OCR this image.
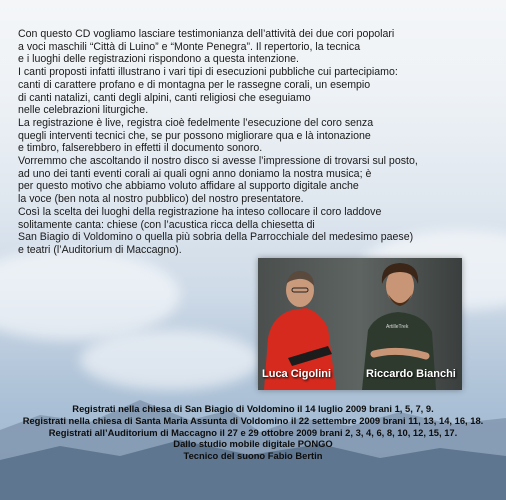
Con questo CD vogliamo lasciare testimonianza dell’attività dei due cori popolari
a voci maschili “Città di Luino” e “Monte Penegra”. Il repertorio, la tecnica
e i luoghi delle registrazioni rispondono a questa intenzione.
I canti proposti infatti illustrano i vari tipi di esecuzioni pubbliche cui partecipiamo:
canti di carattere profano e di montagna per le rassegne corali, un esempio
di canti natalizi, canti degli alpini, canti religiosi che eseguiamo
nelle celebrazioni liturgiche.
La registrazione è live, registra cioè fedelmente l’esecuzione del coro senza
quegli interventi tecnici che, se pur possono migliorare qua e là intonazione
e timbro, falserebbero in effetti il documento sonoro.
Vorremmo che ascoltando il nostro disco si avesse l’impressione di trovarsi sul posto,
ad uno dei tanti eventi corali ai quali ogni anno doniamo la nostra musica; è
per questo motivo che abbiamo voluto affidare al supporto digitale anche
la voce (ben nota al nostro pubblico) del nostro presentatore.
Così la scelta dei luoghi della registrazione ha inteso collocare il coro laddove
solitamente canta: chiese (con l’acustica ricca della chiesetta di
San Biagio di Voldomino o quella più sobria della Parrocchiale del medesimo paese)
e teatri (l’Auditorium di Maccagno).
ArtilleTrek
Luca Cigolini	Riccardo Bianchi
Registrati nella chiesa di San Biagio di Voldomino il 14 luglio 2009 brani 1, 5, 7, 9.
Registrati nella chiesa di Santa Maria Assunta di Voldomino il 22 settembre 2009 brani 11, 13, 14, 16, 18.
Registrati all’Auditorium di Maccagno il 27 e 29 ottobre 2009 brani 2, 3, 4, 6, 8, 10, 12, 15, 17.
Dallo studio mobile digitale PONGO
Tecnico del suono Fabio Bertin
